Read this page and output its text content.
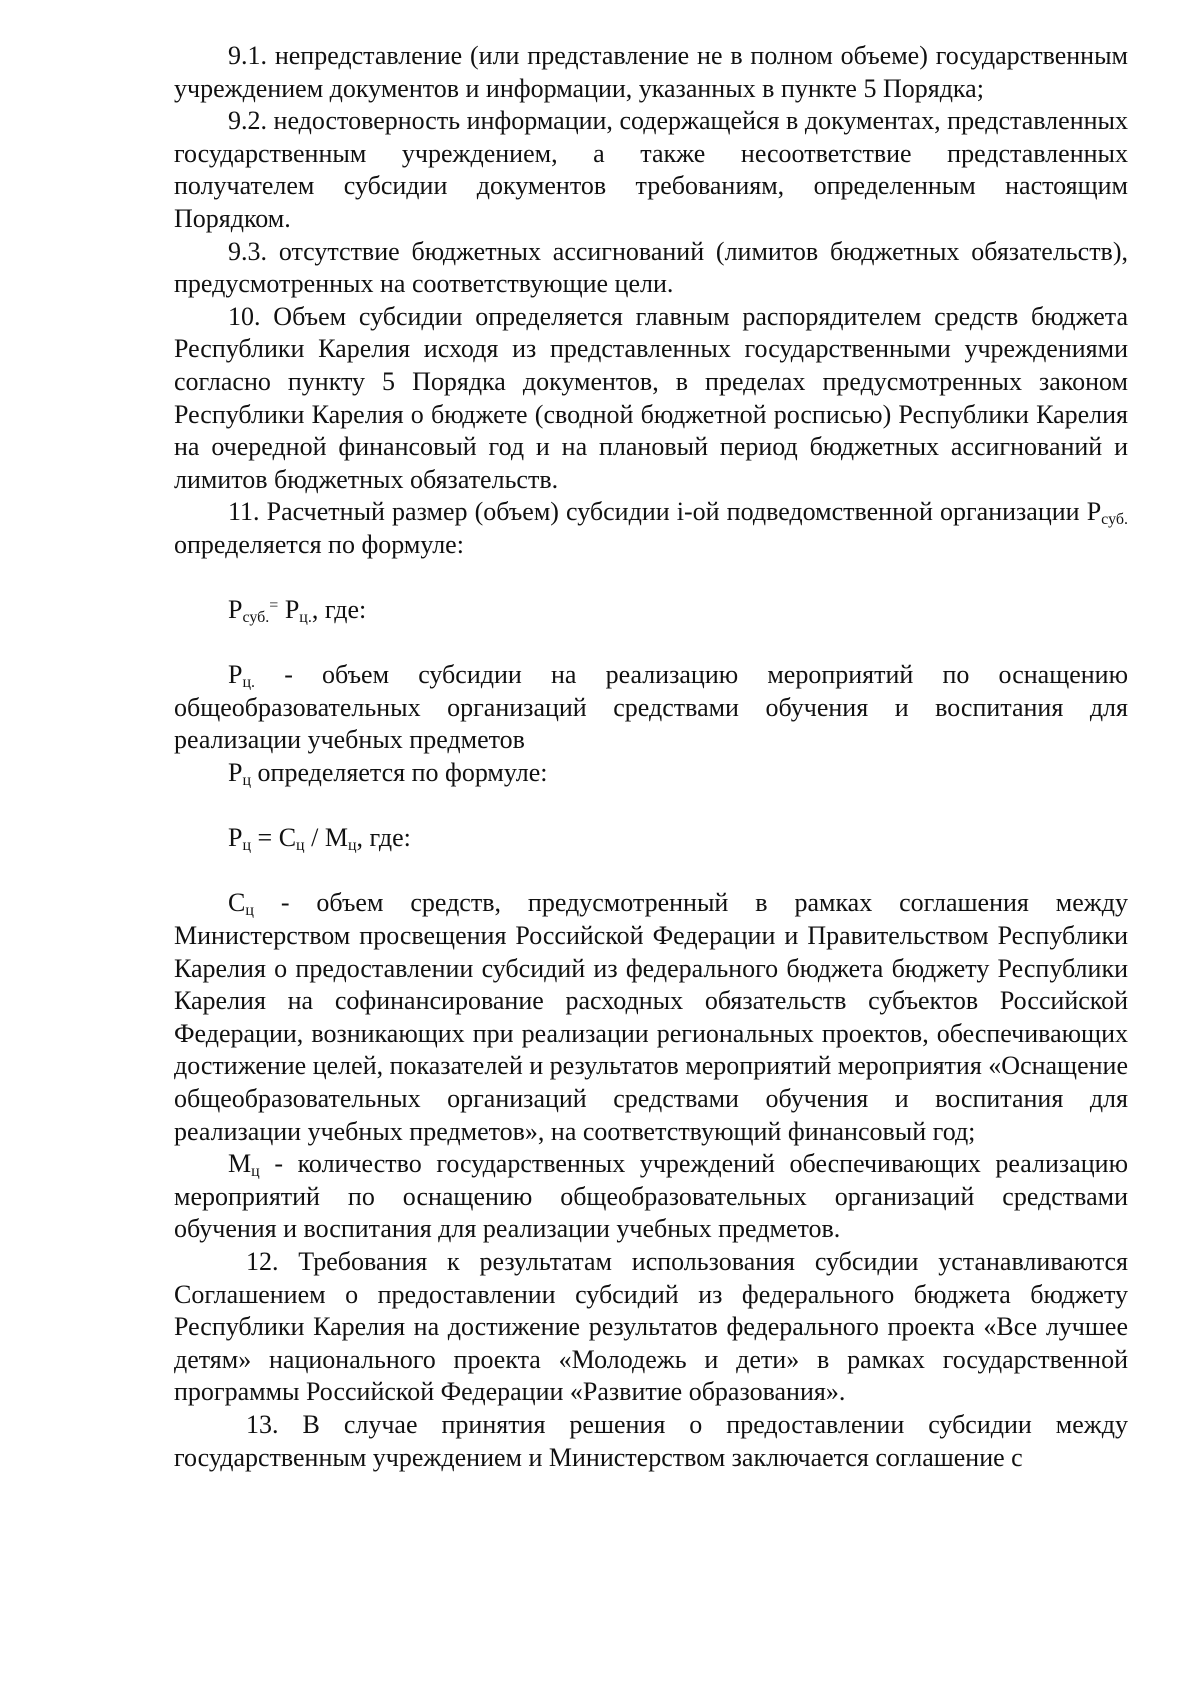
9.1. непредставление (или представление не в полном объеме) государственным учреждением документов и информации, указанных в пункте 5 Порядка;

9.2. недостоверность информации, содержащейся в документах, представленных государственным учреждением, а также несоответствие представленных получателем субсидии документов требованиям, определенным настоящим Порядком.

9.3. отсутствие бюджетных ассигнований (лимитов бюджетных обязательств), предусмотренных на соответствующие цели.

10. Объем субсидии определяется главным распорядителем средств бюджета Республики Карелия исходя из представленных государственными учреждениями согласно пункту 5 Порядка документов, в пределах предусмотренных законом Республики Карелия о бюджете (сводной бюджетной росписью) Республики Карелия на очередной финансовый год и на плановый период бюджетных ассигнований и лимитов бюджетных обязательств.

11. Расчетный размер (объем) субсидии i-ой подведомственной организации $P_{суб.}$ определяется по формуле:

$P_{суб.}^=$ $P_{ц.}$, где:

$P_{ц.}$ - объем субсидии на реализацию мероприятий по оснащению общеобразовательных организаций средствами обучения и воспитания для реализации учебных предметов

$P_ц$ определяется по формуле:

$P_ц = C_ц / M_ц$, где:

$C_ц$ - объем средств, предусмотренный в рамках соглашения между Министерством просвещения Российской Федерации и Правительством Республики Карелия о предоставлении субсидий из федерального бюджета бюджету Республики Карелия на софинансирование расходных обязательств субъектов Российской Федерации, возникающих при реализации региональных проектов, обеспечивающих достижение целей, показателей и результатов мероприятий мероприятия «Оснащение общеобразовательных организаций средствами обучения и воспитания для реализации учебных предметов», на соответствующий финансовый год;

$M_ц$ - количество государственных учреждений обеспечивающих реализацию мероприятий по оснащению общеобразовательных организаций средствами обучения и воспитания для реализации учебных предметов.

12. Требования к результатам использования субсидии устанавливаются Соглашением о предоставлении субсидий из федерального бюджета бюджету Республики Карелия на достижение результатов федерального проекта «Все лучшее детям» национального проекта «Молодежь и дети» в рамках государственной программы Российской Федерации «Развитие образования».

13. В случае принятия решения о предоставлении субсидии между государственным учреждением и Министерством заключается соглашение с
